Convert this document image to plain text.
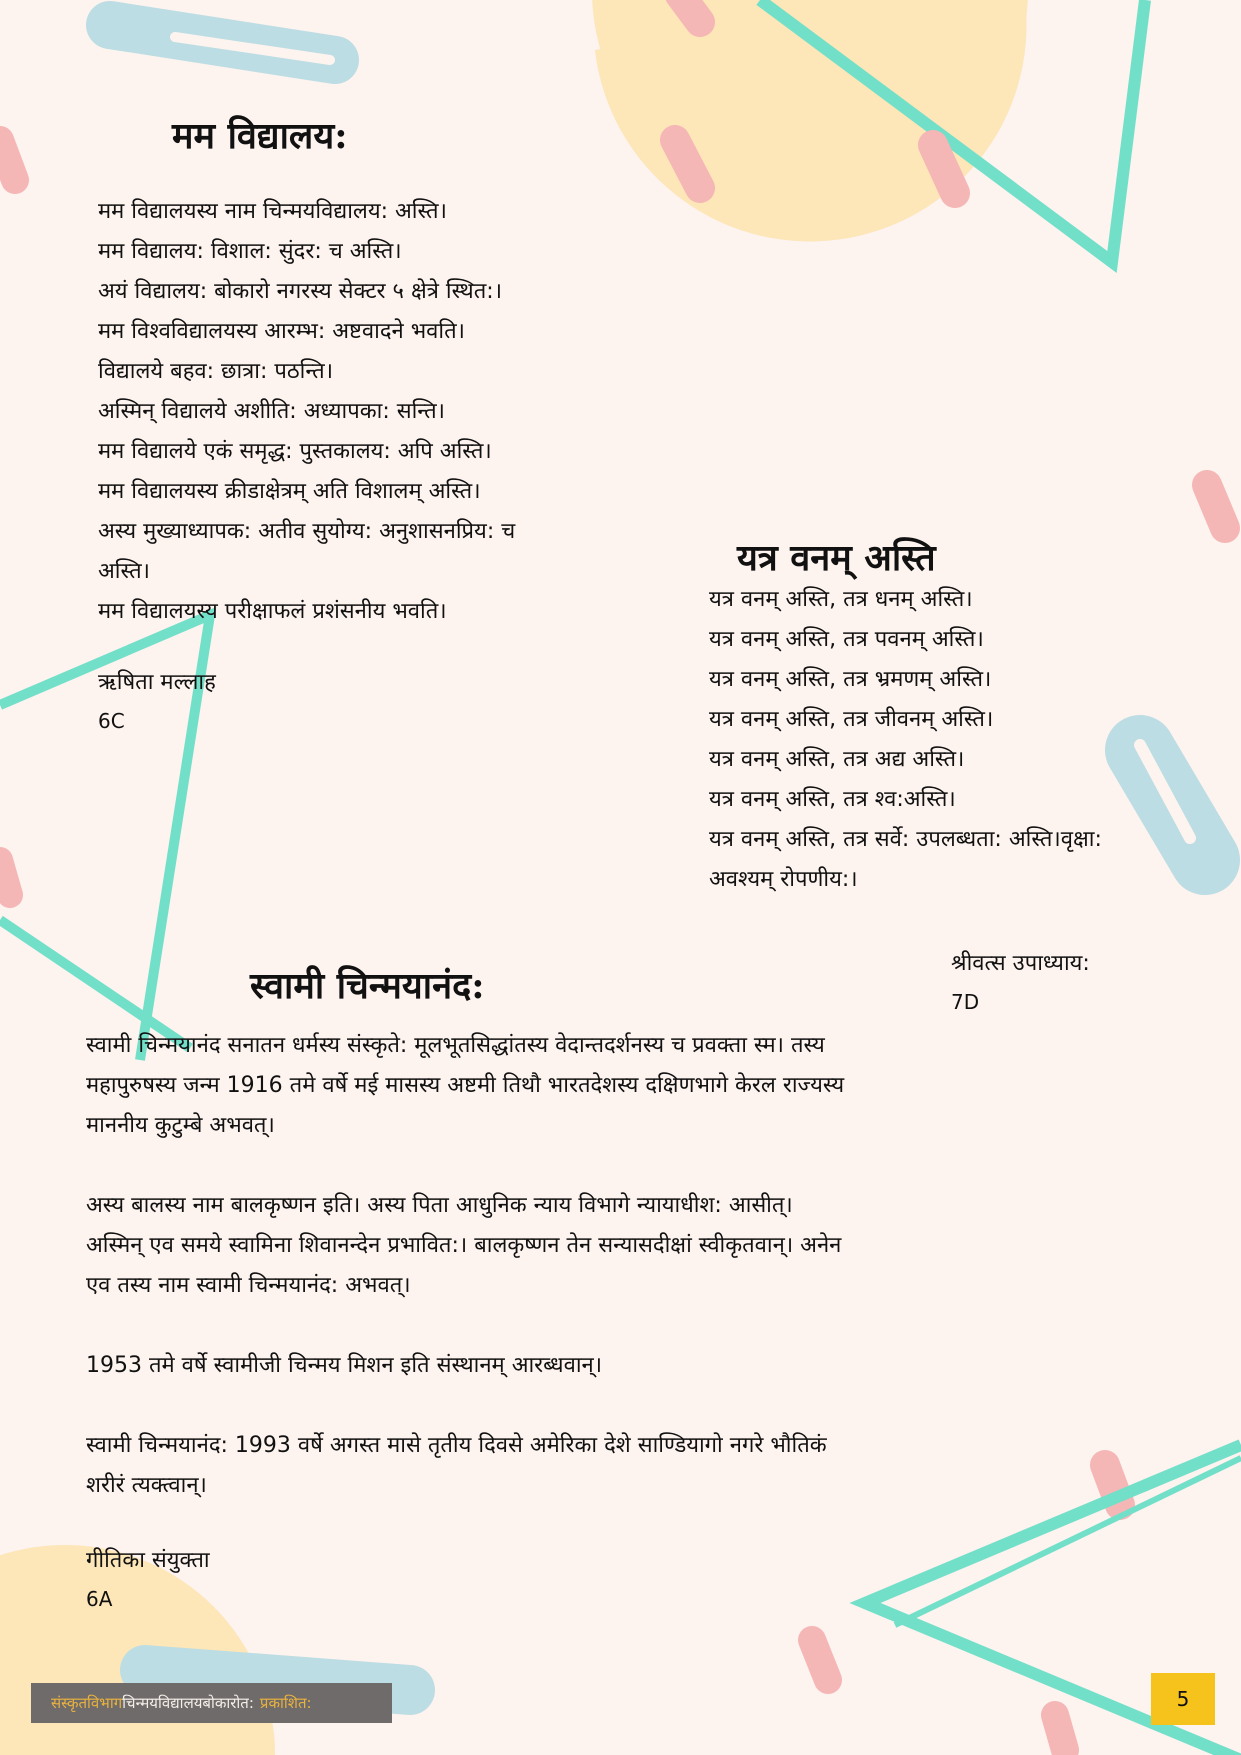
मम विद्यालय:
मम विद्यालयस्य नाम चिन्मयविद्यालय: अस्ति।
मम विद्यालय: विशाल: सुंदर: च अस्ति।
अयं विद्यालय: बोकारो नगरस्य सेक्टर ५ क्षेत्रे स्थित:।
मम विश्वविद्यालयस्य आरम्भ: अष्टवादने भवति।
विद्यालये बहव: छात्रा: पठन्ति।
अस्मिन् विद्यालये अशीति: अध्यापका: सन्ति।
मम विद्यालये एकं समृद्ध: पुस्तकालय: अपि अस्ति।
मम विद्यालयस्य क्रीडाक्षेत्रम् अति विशालम् अस्ति।
अस्य मुख्याध्यापक: अतीव सुयोग्य: अनुशासनप्रिय: च
अस्ति।
मम विद्यालयस्य परीक्षाफलं प्रशंसनीय भवति।
ऋषिता मल्लाह
6C
यत्र वनम् अस्ति
यत्र वनम् अस्ति, तत्र धनम् अस्ति।
यत्र वनम् अस्ति, तत्र पवनम् अस्ति।
यत्र वनम् अस्ति, तत्र भ्रमणम् अस्ति।
यत्र वनम् अस्ति, तत्र जीवनम् अस्ति।
यत्र वनम् अस्ति, तत्र अद्य अस्ति।
यत्र वनम् अस्ति, तत्र श्व:अस्ति।
यत्र वनम् अस्ति, तत्र सर्वे: उपलब्धता: अस्ति।वृक्षा:
अवश्यम् रोपणीय:।
श्रीवत्स उपाध्याय:
7D
स्वामी चिन्मयानंद:

स्वामी चिन्मयानंद सनातन धर्मस्य संस्कृते: मूलभूतसिद्धांतस्य वेदान्तदर्शनस्य च प्रवक्ता स्म। तस्य महापुरुषस्य जन्म 1916 तमे वर्षे मई मासस्य अष्टमी तिथौ भारतदेशस्य दक्षिणभागे केरल राज्यस्य माननीय कुटुम्बे अभवत्।

अस्य बालस्य नाम बालकृष्णन इति। अस्य पिता आधुनिक न्याय विभागे न्यायाधीश: आसीत्। अस्मिन् एव समये स्वामिना शिवानन्देन प्रभावित:। बालकृष्णन तेन सन्यासदीक्षां स्वीकृतवान्। अनेन एव तस्य नाम स्वामी चिन्मयानंद: अभवत्।

1953 तमे वर्षे स्वामीजी चिन्मय मिशन इति संस्थानम् आरब्धवान्।

स्वामी चिन्मयानंद: 1993 वर्षे अगस्त मासे तृतीय दिवसे अमेरिका देशे साण्डियागो नगरे भौतिकं शरीरं त्यक्त्वान्।

गीतिका संयुक्ता
6A
संस्कृतविभाग चिन्मयविद्यालयबोकारोत: प्रकाशित:	5
